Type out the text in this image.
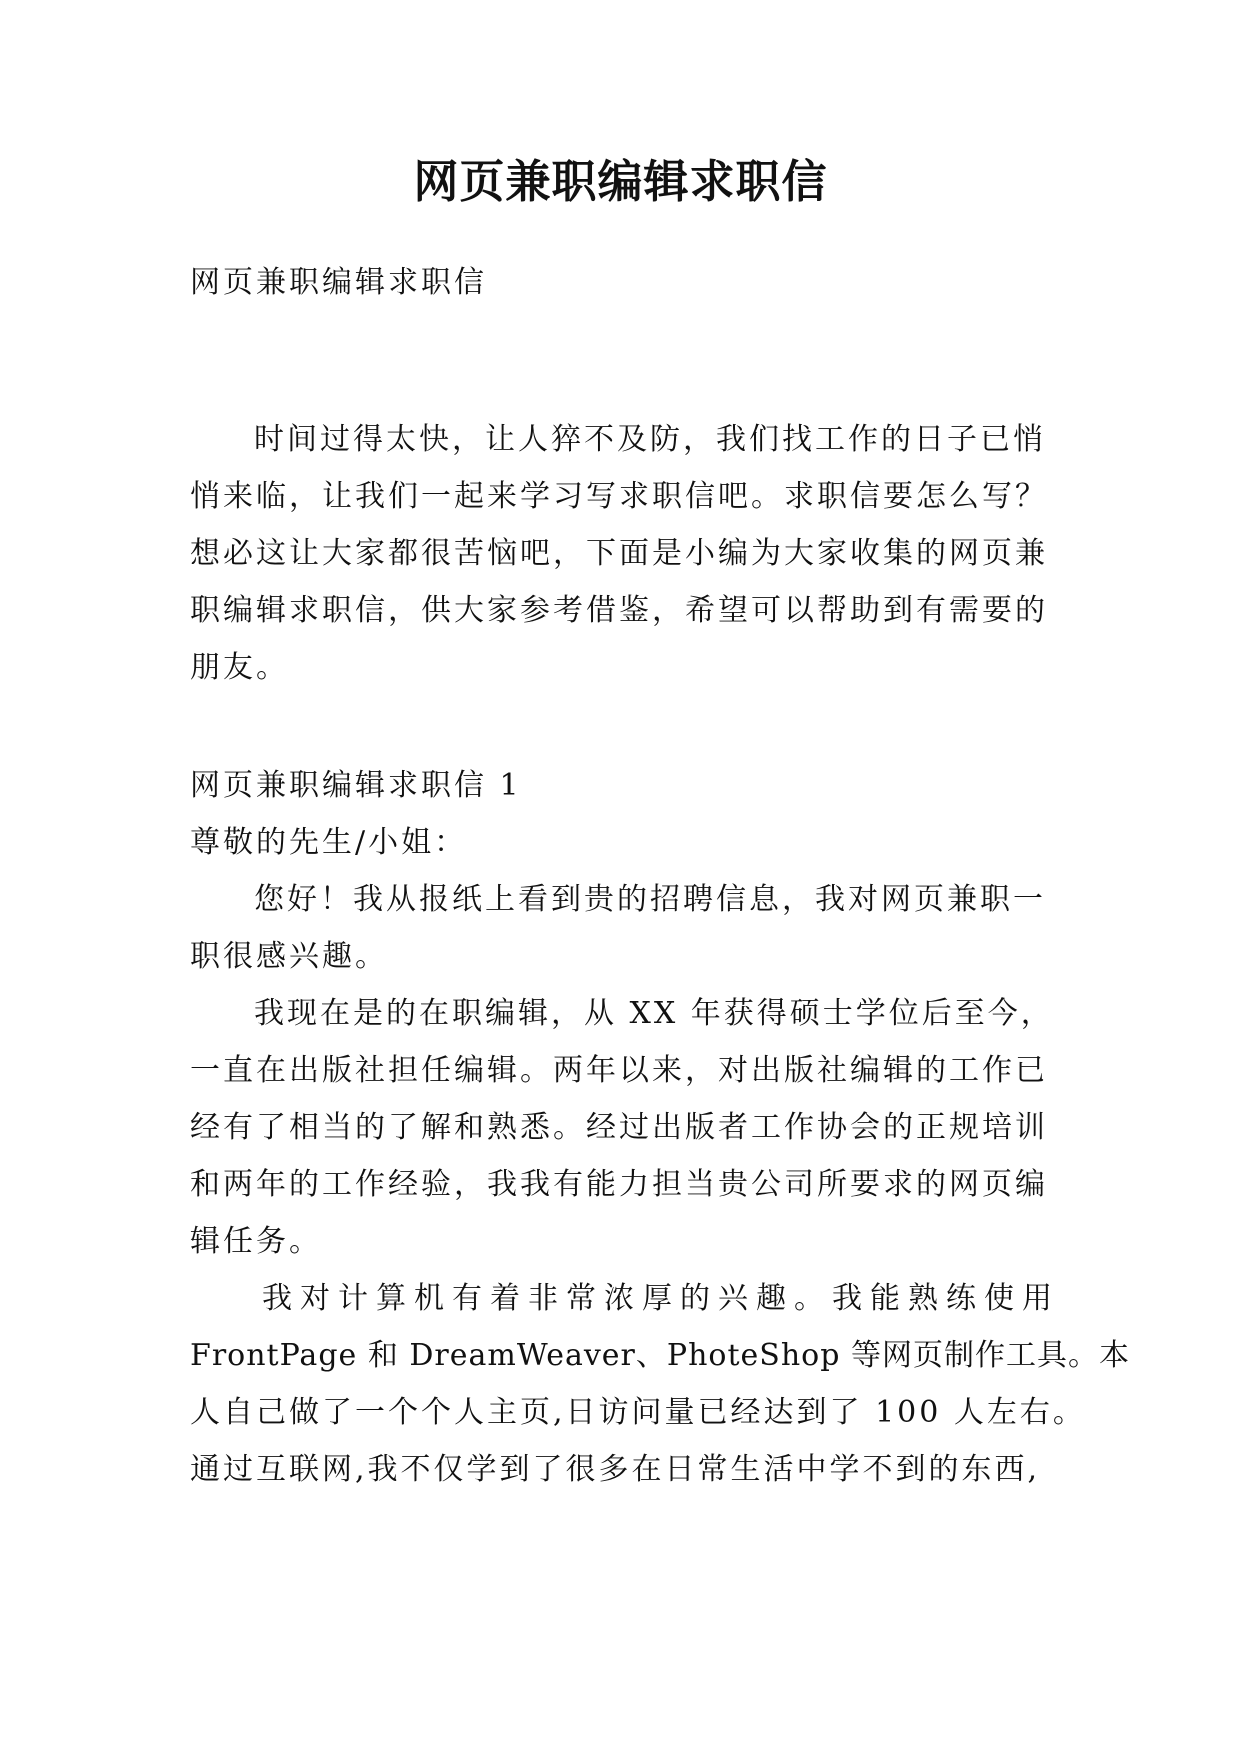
网页兼职编辑求职信
网页兼职编辑求职信
时间过得太快，让人猝不及防，我们找工作的日子已悄
悄来临，让我们一起来学习写求职信吧。求职信要怎么写？
想必这让大家都很苦恼吧，下面是小编为大家收集的网页兼
职编辑求职信，供大家参考借鉴，希望可以帮助到有需要的
朋友。
网页兼职编辑求职信 1
尊敬的先生/小姐：
您好！我从报纸上看到贵的招聘信息，我对网页兼职一
职很感兴趣。
我现在是的在职编辑，从 XX 年获得硕士学位后至今，
一直在出版社担任编辑。两年以来，对出版社编辑的工作已
经有了相当的了解和熟悉。经过出版者工作协会的正规培训
和两年的工作经验，我我有能力担当贵公司所要求的网页编
辑任务。
我对计算机有着非常浓厚的兴趣。我能熟练使用
FrontPage 和 DreamWeaver、PhoteShop 等网页制作工具。本
人自己做了一个个人主页,日访问量已经达到了 100 人左右。
通过互联网,我不仅学到了很多在日常生活中学不到的东西,
